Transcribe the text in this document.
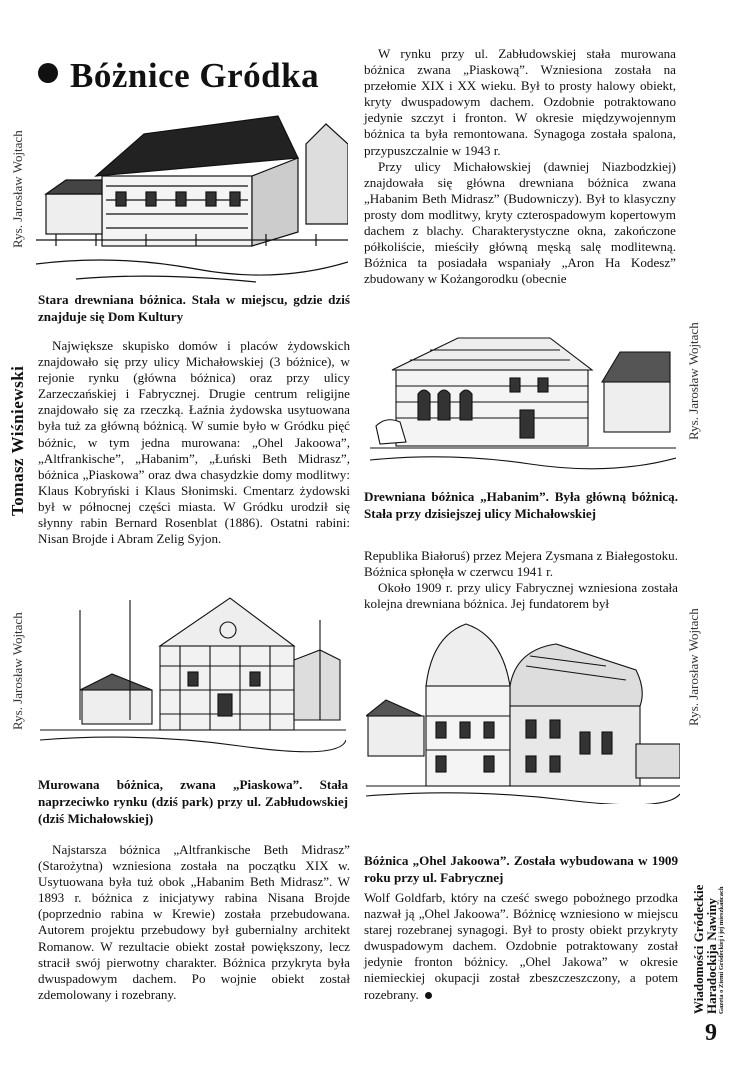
Bóżnice Gródka
Rys. Jarosław Wojtach
Stara drewniana bóżnica. Stała w miejscu, gdzie dziś znajduje się Dom Kultury
Tomasz Wiśniewski

Największe skupisko domów i placów żydowskich znajdowało się przy ulicy Michałowskiej (3 bóżnice), w rejonie rynku (główna bóżnica) oraz przy ulicy Zarzeczańskiej i Fabrycznej. Drugie centrum religijne znajdowało się za rzeczką. Łaźnia żydowska usytuowana była tuż za główną bóżnicą. W sumie było w Gródku pięć bóżnic, w tym jedna murowana: „Ohel Jakoowa”, „Altfrankische”, „Habanim”, „Łuński Beth Midrasz”, bóżnica „Piaskowa” oraz dwa chasydzkie domy modlitwy: Klaus Kobryński i Klaus Słonimski. Cmentarz żydowski był w północnej części miasta. W Gródku urodził się słynny rabin Bernard Rosenblat (1886). Ostatni rabini: Nisan Brojde i Abram Zelig Syjon.

Rys. Jarosław Wojtach
Murowana bóżnica, zwana „Piaskowa”. Stała naprzeciwko rynku (dziś park) przy ul. Zabłudowskiej (dziś Michałowskiej)

Najstarsza bóżnica „Altfrankische Beth Midrasz” (Starożytna) wzniesiona została na początku XIX w. Usytuowana była tuż obok „Habanim Beth Midrasz”. W 1893 r. bóżnica z inicjatywy rabina Nisana Brojde (poprzednio rabina w Krewie) została przebudowana. Autorem projektu przebudowy był gubernialny architekt Romanow. W rezultacie obiekt został powiększony, lecz stracił swój pierwotny charakter. Bóżnica przykryta była dwuspadowym dachem. Po wojnie obiekt został zdemolowany i rozebrany.

W rynku przy ul. Zabłudowskiej stała murowana bóżnica zwana „Piaskową”. Wzniesiona została na przełomie XIX i XX wieku. Był to prosty halowy obiekt, kryty dwuspadowym dachem. Ozdobnie potraktowano jedynie szczyt i fronton. W okresie międzywojennym bóżnica ta była remontowana. Synagoga została spalona, przypuszczalnie w 1943 r.

Przy ulicy Michałowskiej (dawniej Niazbodzkiej) znajdowała się główna drewniana bóżnica zwana „Habanim Beth Midrasz” (Budowniczy). Był to klasyczny prosty dom modlitwy, kryty czterospadowym kopertowym dachem z blachy. Charakterystyczne okna, zakończone półkoliście, mieściły główną męską salę modlitewną. Bóżnica ta posiadała wspaniały „Aron Ha Kodesz” zbudowany w Kożangorodku (obecnie

Rys. Jarosław Wojtach
Drewniana bóżnica „Habanim”. Była główną bóżnicą. Stała przy dzisiejszej ulicy Michałowskiej

Republika Białoruś) przez Mejera Zysmana z Białegostoku. Bóżnica spłonęła w czerwcu 1941 r.

Około 1909 r. przy ulicy Fabrycznej wzniesiona została kolejna drewniana bóżnica. Jej fundatorem był

Rys. Jarosław Wojtach
Bóżnica „Ohel Jakoowa”. Została wybudowana w 1909 roku przy ul. Fabrycznej

Wolf Goldfarb, który na cześć swego pobożnego przodka nazwał ją „Ohel Jakoowa”. Bóżnicę wzniesiono w miejscu starej rozebranej synagogi. Był to prosty obiekt przykryty dwuspadowym dachem. Ozdobnie potraktowany został jedynie fronton bóżnicy. „Ohel Jakowa” w okresie niemieckiej okupacji został zbeszczeszczony, a potem rozebrany.	Wiadomości Gródeckie
Haradockija Nawiny Gazeta o Ziemi Gródeckiej i jej mieszkańcach
9
